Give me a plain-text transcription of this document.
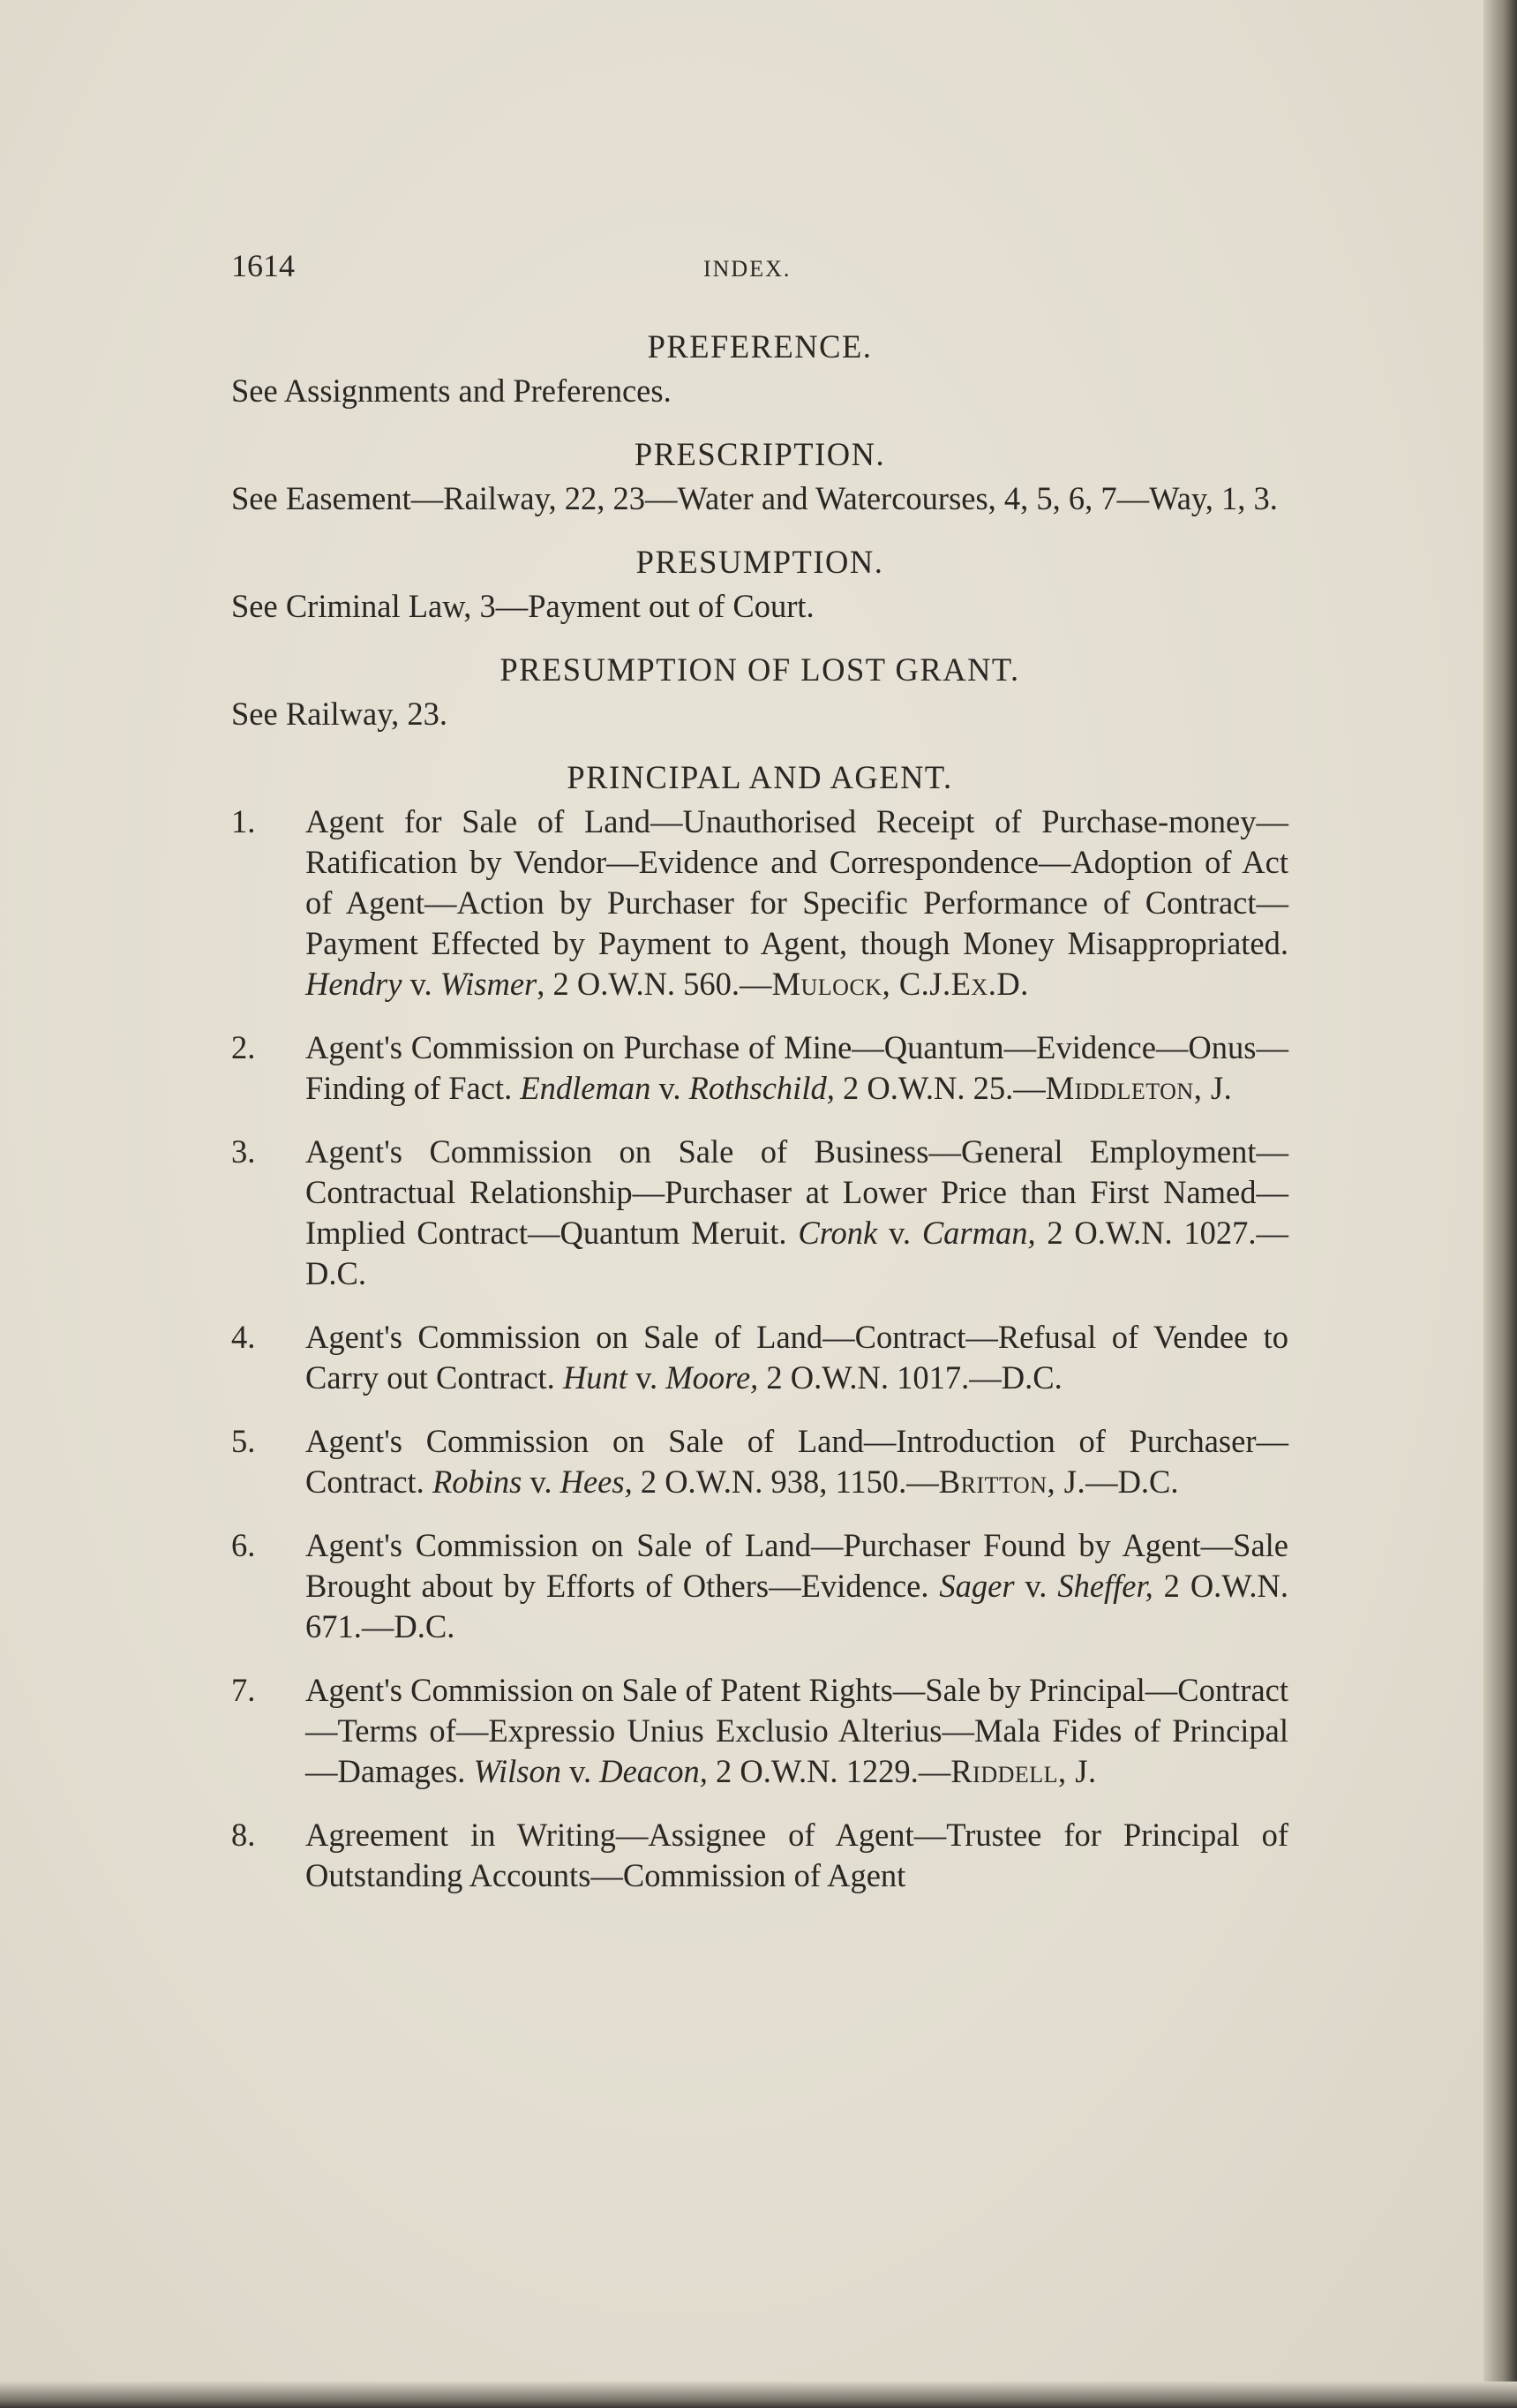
1614	INDEX.
PREFERENCE.
See Assignments and Preferences.
PRESCRIPTION.
See Easement—Railway, 22, 23—Water and Watercourses, 4, 5, 6, 7—Way, 1, 3.
PRESUMPTION.
See Criminal Law, 3—Payment out of Court.
PRESUMPTION OF LOST GRANT.
See Railway, 23.
PRINCIPAL AND AGENT.
1. Agent for Sale of Land—Unauthorised Receipt of Purchase-money—Ratification by Vendor—Evidence and Correspondence—Adoption of Act of Agent—Action by Purchaser for Specific Performance of Contract—Payment Effected by Payment to Agent, though Money Misappropriated. Hendry v. Wismer, 2 O.W.N. 560.—Mulock, C.J.Ex.D.
2. Agent's Commission on Purchase of Mine—Quantum—Evidence—Onus—Finding of Fact. Endleman v. Rothschild, 2 O.W.N. 25.—Middleton, J.
3. Agent's Commission on Sale of Business—General Employment—Contractual Relationship—Purchaser at Lower Price than First Named—Implied Contract—Quantum Meruit. Cronk v. Carman, 2 O.W.N. 1027.—D.C.
4. Agent's Commission on Sale of Land—Contract—Refusal of Vendee to Carry out Contract. Hunt v. Moore, 2 O.W.N. 1017.—D.C.
5. Agent's Commission on Sale of Land—Introduction of Purchaser—Contract. Robins v. Hees, 2 O.W.N. 938, 1150.—Britton, J.—D.C.
6. Agent's Commission on Sale of Land—Purchaser Found by Agent—Sale Brought about by Efforts of Others—Evidence. Sager v. Sheffer, 2 O.W.N. 671.—D.C.
7. Agent's Commission on Sale of Patent Rights—Sale by Principal—Contract—Terms of—Expressio Unius Exclusio Alterius—Mala Fides of Principal—Damages. Wilson v. Deacon, 2 O.W.N. 1229.—Riddell, J.
8. Agreement in Writing—Assignee of Agent—Trustee for Principal of Outstanding Accounts—Commission of Agent
